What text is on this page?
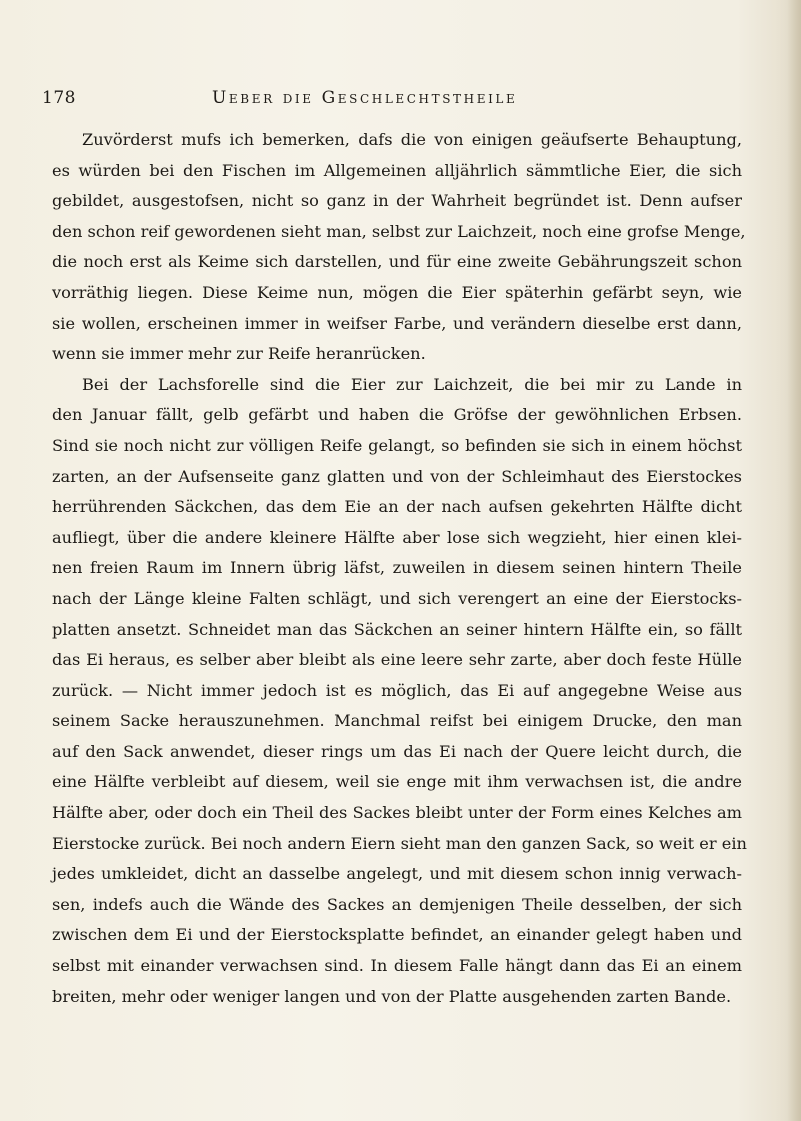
178	Ueber die Geschlechtstheile
Zuvörderst mufs ich bemerken, dafs die von einigen geäufserte Behauptung,
es würden bei den Fischen im Allgemeinen alljährlich sämmtliche Eier, die sich
gebildet, ausgestofsen, nicht so ganz in der Wahrheit begründet ist. Denn aufser
den schon reif gewordenen sieht man, selbst zur Laichzeit, noch eine grofse Menge,
die noch erst als Keime sich darstellen, und für eine zweite Gebährungszeit schon
vorräthig liegen. Diese Keime nun, mögen die Eier späterhin gefärbt seyn, wie
sie wollen, erscheinen immer in weifser Farbe, und verändern dieselbe erst dann,
wenn sie immer mehr zur Reife heranrücken.
Bei der Lachsforelle sind die Eier zur Laichzeit, die bei mir zu Lande in
den Januar fällt, gelb gefärbt und haben die Gröfse der gewöhnlichen Erbsen.
Sind sie noch nicht zur völligen Reife gelangt, so befinden sie sich in einem höchst
zarten, an der Aufsenseite ganz glatten und von der Schleimhaut des Eierstockes
herrührenden Säckchen, das dem Eie an der nach aufsen gekehrten Hälfte dicht
aufliegt, über die andere kleinere Hälfte aber lose sich wegzieht, hier einen klei-
nen freien Raum im Innern übrig läfst, zuweilen in diesem seinen hintern Theile
nach der Länge kleine Falten schlägt, und sich verengert an eine der Eierstocks-
platten ansetzt. Schneidet man das Säckchen an seiner hintern Hälfte ein, so fällt
das Ei heraus, es selber aber bleibt als eine leere sehr zarte, aber doch feste Hülle
zurück. — Nicht immer jedoch ist es möglich, das Ei auf angegebne Weise aus
seinem Sacke herauszunehmen. Manchmal reifst bei einigem Drucke, den man
auf den Sack anwendet, dieser rings um das Ei nach der Quere leicht durch, die
eine Hälfte verbleibt auf diesem, weil sie enge mit ihm verwachsen ist, die andre
Hälfte aber, oder doch ein Theil des Sackes bleibt unter der Form eines Kelches am
Eierstocke zurück. Bei noch andern Eiern sieht man den ganzen Sack, so weit er ein
jedes umkleidet, dicht an dasselbe angelegt, und mit diesem schon innig verwach-
sen, indefs auch die Wände des Sackes an demjenigen Theile desselben, der sich
zwischen dem Ei und der Eierstocksplatte befindet, an einander gelegt haben und
selbst mit einander verwachsen sind. In diesem Falle hängt dann das Ei an einem
breiten, mehr oder weniger langen und von der Platte ausgehenden zarten Bande.
